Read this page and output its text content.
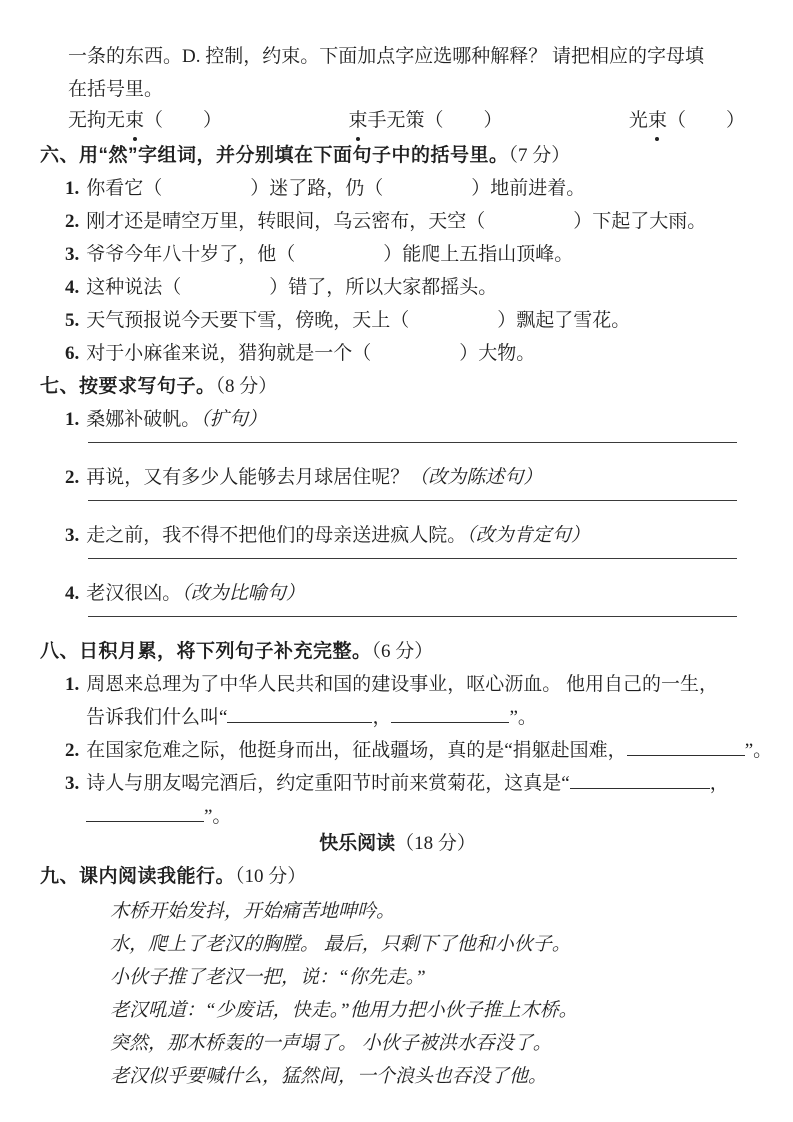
一条的东西。D. 控制，约束。下面加点字应选哪种解释？ 请把相应的字母填
在括号里。
无拘无束（ ）	束手无策（ ）	光束（ ）
六、用“然”字组词，并分别填在下面句子中的括号里。（7 分）
1. 你看它（	）迷了路，仍（	）地前进着。
2. 刚才还是晴空万里，转眼间，乌云密布，天空（	）下起了大雨。
3. 爷爷今年八十岁了，他（	）能爬上五指山顶峰。
4. 这种说法（	）错了，所以大家都摇头。
5. 天气预报说今天要下雪，傍晚，天上（	）飘起了雪花。
6. 对于小麻雀来说，猎狗就是一个（	）大物。
七、按要求写句子。（8 分）
1. 桑娜补破帆。（扩句）
2. 再说，又有多少人能够去月球居住呢？（改为陈述句）
3. 走之前，我不得不把他们的母亲送进疯人院。（改为肯定句）
4. 老汉很凶。（改为比喻句）
八、日积月累，将下列句子补充完整。（6 分）
1. 周恩来总理为了中华人民共和国的建设事业，呕心沥血。 他用自己的一生，
告诉我们什么叫“	，	”。
2. 在国家危难之际，他挺身而出，征战疆场，真的是“捐躯赴国难，	”。
3. 诗人与朋友喝完酒后，约定重阳节时前来赏菊花，这真是“	，
”。
快乐阅读（18 分）
九、课内阅读我能行。（10 分）
木桥开始发抖，开始痛苦地呻吟。
水，爬上了老汉的胸膛。 最后，只剩下了他和小伙子。
小伙子推了老汉一把，说：“你先走。”
老汉吼道：“少废话，快走。”他用力把小伙子推上木桥。
突然，那木桥轰的一声塌了。 小伙子被洪水吞没了。
老汉似乎要喊什么，猛然间，一个浪头也吞没了他。
